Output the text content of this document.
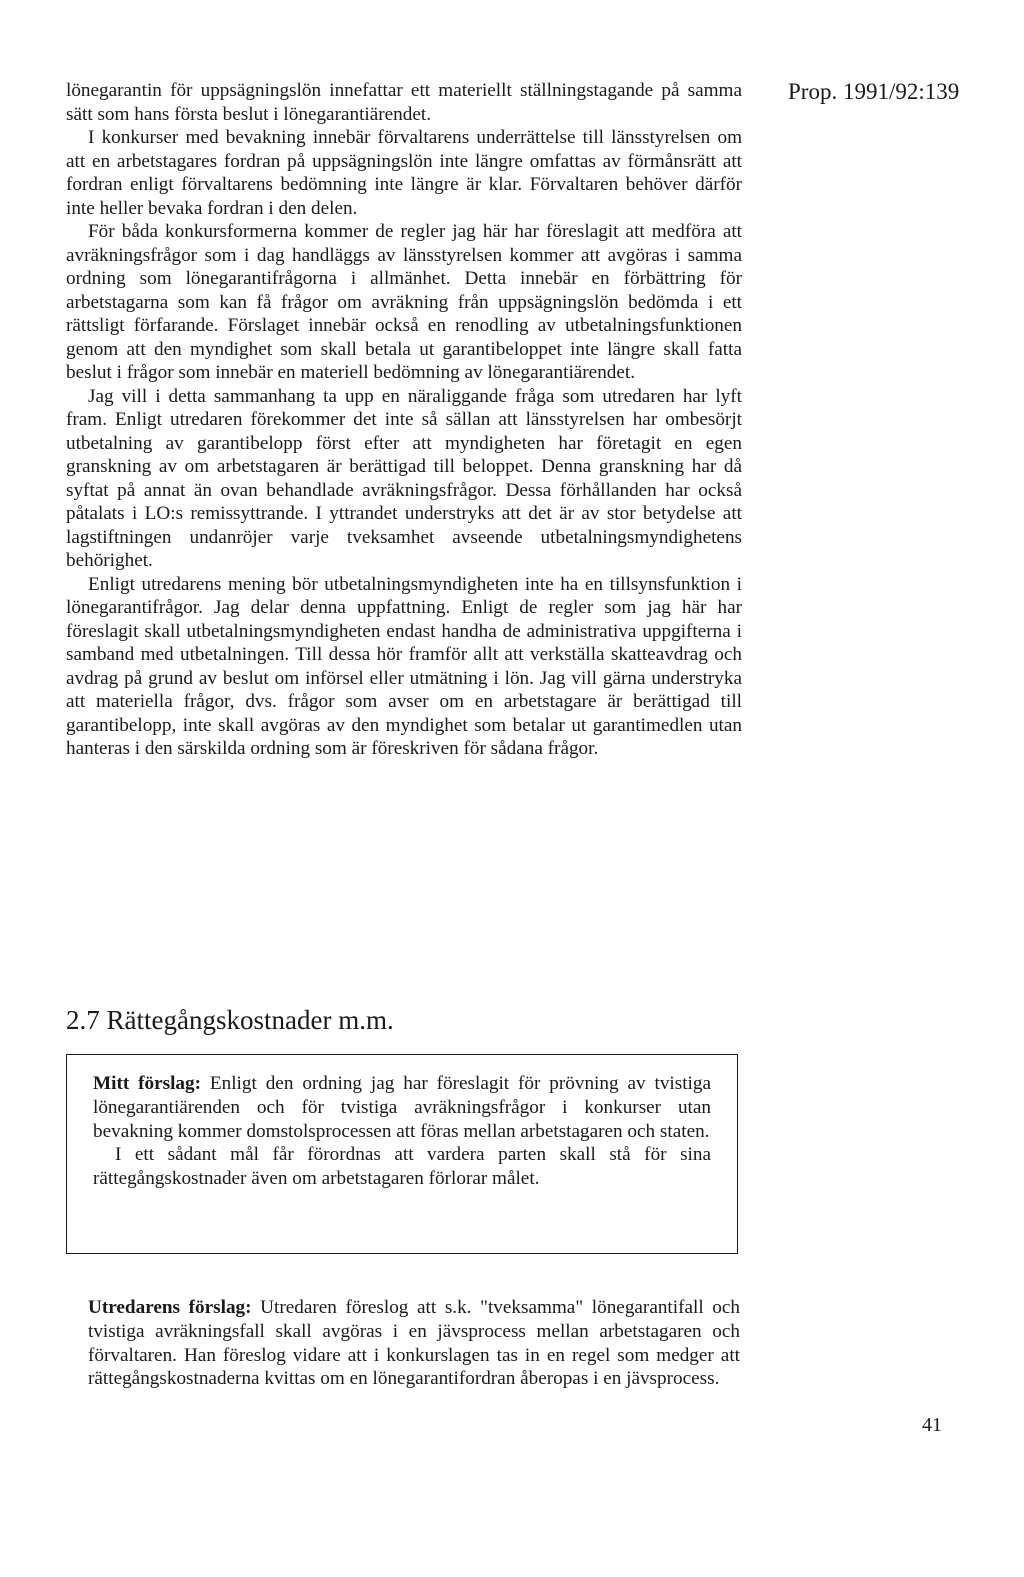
Prop. 1991/92:139

lönegarantin för uppsägningslön innefattar ett materiellt ställningstagande på samma sätt som hans första beslut i lönegarantiärendet.

I konkurser med bevakning innebär förvaltarens underrättelse till länsstyrelsen om att en arbetstagares fordran på uppsägningslön inte längre omfattas av förmånsrätt att fordran enligt förvaltarens bedömning inte längre är klar. Förvaltaren behöver därför inte heller bevaka fordran i den delen.

För båda konkursformerna kommer de regler jag här har föreslagit att medföra att avräkningsfrågor som i dag handläggs av länsstyrelsen kommer att avgöras i samma ordning som lönegarantifrågorna i allmänhet. Detta innebär en förbättring för arbetstagarna som kan få frågor om avräkning från uppsägningslön bedömda i ett rättsligt förfarande. Förslaget innebär också en renodling av utbetalningsfunktionen genom att den myndighet som skall betala ut garantibeloppet inte längre skall fatta beslut i frågor som innebär en materiell bedömning av lönegarantiärendet.

Jag vill i detta sammanhang ta upp en näraliggande fråga som utredaren har lyft fram. Enligt utredaren förekommer det inte så sällan att länsstyrelsen har ombesörjt utbetalning av garantibelopp först efter att myndigheten har företagit en egen granskning av om arbetstagaren är berättigad till beloppet. Denna granskning har då syftat på annat än ovan behandlade avräkningsfrågor. Dessa förhållanden har också påtalats i LO:s remissyttrande. I yttrandet understryks att det är av stor betydelse att lagstiftningen undanröjer varje tveksamhet avseende utbetalningsmyndighetens behörighet.

Enligt utredarens mening bör utbetalningsmyndigheten inte ha en tillsynsfunktion i lönegarantifrågor. Jag delar denna uppfattning. Enligt de regler som jag här har föreslagit skall utbetalningsmyndigheten endast handha de administrativa uppgifterna i samband med utbetalningen. Till dessa hör framför allt att verkställa skatteavdrag och avdrag på grund av beslut om införsel eller utmätning i lön. Jag vill gärna understryka att materiella frågor, dvs. frågor som avser om en arbetstagare är berättigad till garantibelopp, inte skall avgöras av den myndighet som betalar ut garantimedlen utan hanteras i den särskilda ordning som är föreskriven för sådana frågor.

2.7 Rättegångskostnader m.m.

Mitt förslag: Enligt den ordning jag har föreslagit för prövning av tvistiga lönegarantiärenden och för tvistiga avräkningsfrågor i konkurser utan bevakning kommer domstolsprocessen att föras mellan arbetstagaren och staten.

I ett sådant mål får förordnas att vardera parten skall stå för sina rättegångskostnader även om arbetstagaren förlorar målet.

Utredarens förslag: Utredaren föreslog att s.k. "tveksamma" lönegarantifall och tvistiga avräkningsfall skall avgöras i en jävsprocess mellan arbetstagaren och förvaltaren. Han föreslog vidare att i konkurslagen tas in en regel som medger att rättegångskostnaderna kvittas om en lönegarantifordran åberopas i en jävsprocess.

41
